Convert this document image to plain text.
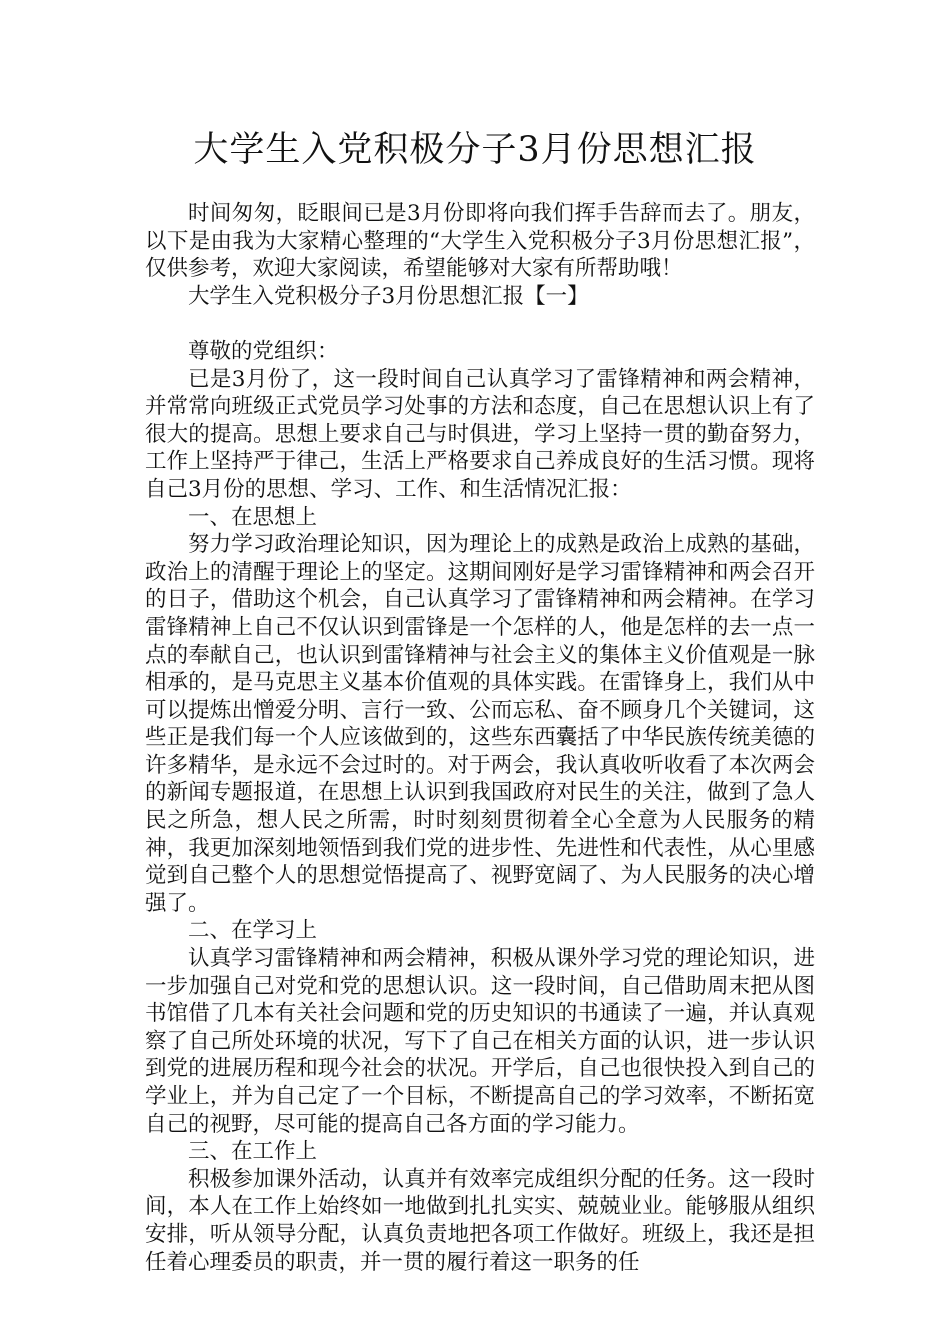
大学生入党积极分子3月份思想汇报

时间匆匆，眨眼间已是3月份即将向我们挥手告辞而去了。朋友，以下是由我为大家精心整理的“大学生入党积极分子3月份思想汇报”，仅供参考，欢迎大家阅读，希望能够对大家有所帮助哦！

大学生入党积极分子3月份思想汇报【一】

尊敬的党组织：

已是3月份了，这一段时间自己认真学习了雷锋精神和两会精神，并常常向班级正式党员学习处事的方法和态度，自己在思想认识上有了很大的提高。思想上要求自己与时俱进，学习上坚持一贯的勤奋努力，工作上坚持严于律己，生活上严格要求自己养成良好的生活习惯。现将自己3月份的思想、学习、工作、和生活情况汇报：

一、在思想上

努力学习政治理论知识，因为理论上的成熟是政治上成熟的基础，政治上的清醒于理论上的坚定。这期间刚好是学习雷锋精神和两会召开的日子，借助这个机会，自己认真学习了雷锋精神和两会精神。在学习雷锋精神上自己不仅认识到雷锋是一个怎样的人，他是怎样的去一点一点的奉献自己，也认识到雷锋精神与社会主义的集体主义价值观是一脉相承的，是马克思主义基本价值观的具体实践。在雷锋身上，我们从中可以提炼出憎爱分明、言行一致、公而忘私、奋不顾身几个关键词，这些正是我们每一个人应该做到的，这些东西囊括了中华民族传统美德的许多精华，是永远不会过时的。对于两会，我认真收听收看了本次两会的新闻专题报道，在思想上认识到我国政府对民生的关注，做到了急人民之所急，想人民之所需，时时刻刻贯彻着全心全意为人民服务的精神，我更加深刻地领悟到我们党的进步性、先进性和代表性，从心里感觉到自己整个人的思想觉悟提高了、视野宽阔了、为人民服务的决心增强了。

二、在学习上

认真学习雷锋精神和两会精神，积极从课外学习党的理论知识，进一步加强自己对党和党的思想认识。这一段时间，自己借助周末把从图书馆借了几本有关社会问题和党的历史知识的书通读了一遍，并认真观察了自己所处环境的状况，写下了自己在相关方面的认识，进一步认识到党的进展历程和现今社会的状况。开学后，自己也很快投入到自己的学业上，并为自己定了一个目标，不断提高自己的学习效率，不断拓宽自己的视野，尽可能的提高自己各方面的学习能力。

三、在工作上

积极参加课外活动，认真并有效率完成组织分配的任务。这一段时间，本人在工作上始终如一地做到扎扎实实、兢兢业业。能够服从组织安排，听从领导分配，认真负责地把各项工作做好。班级上，我还是担任着心理委员的职责，并一贯的履行着这一职务的任
